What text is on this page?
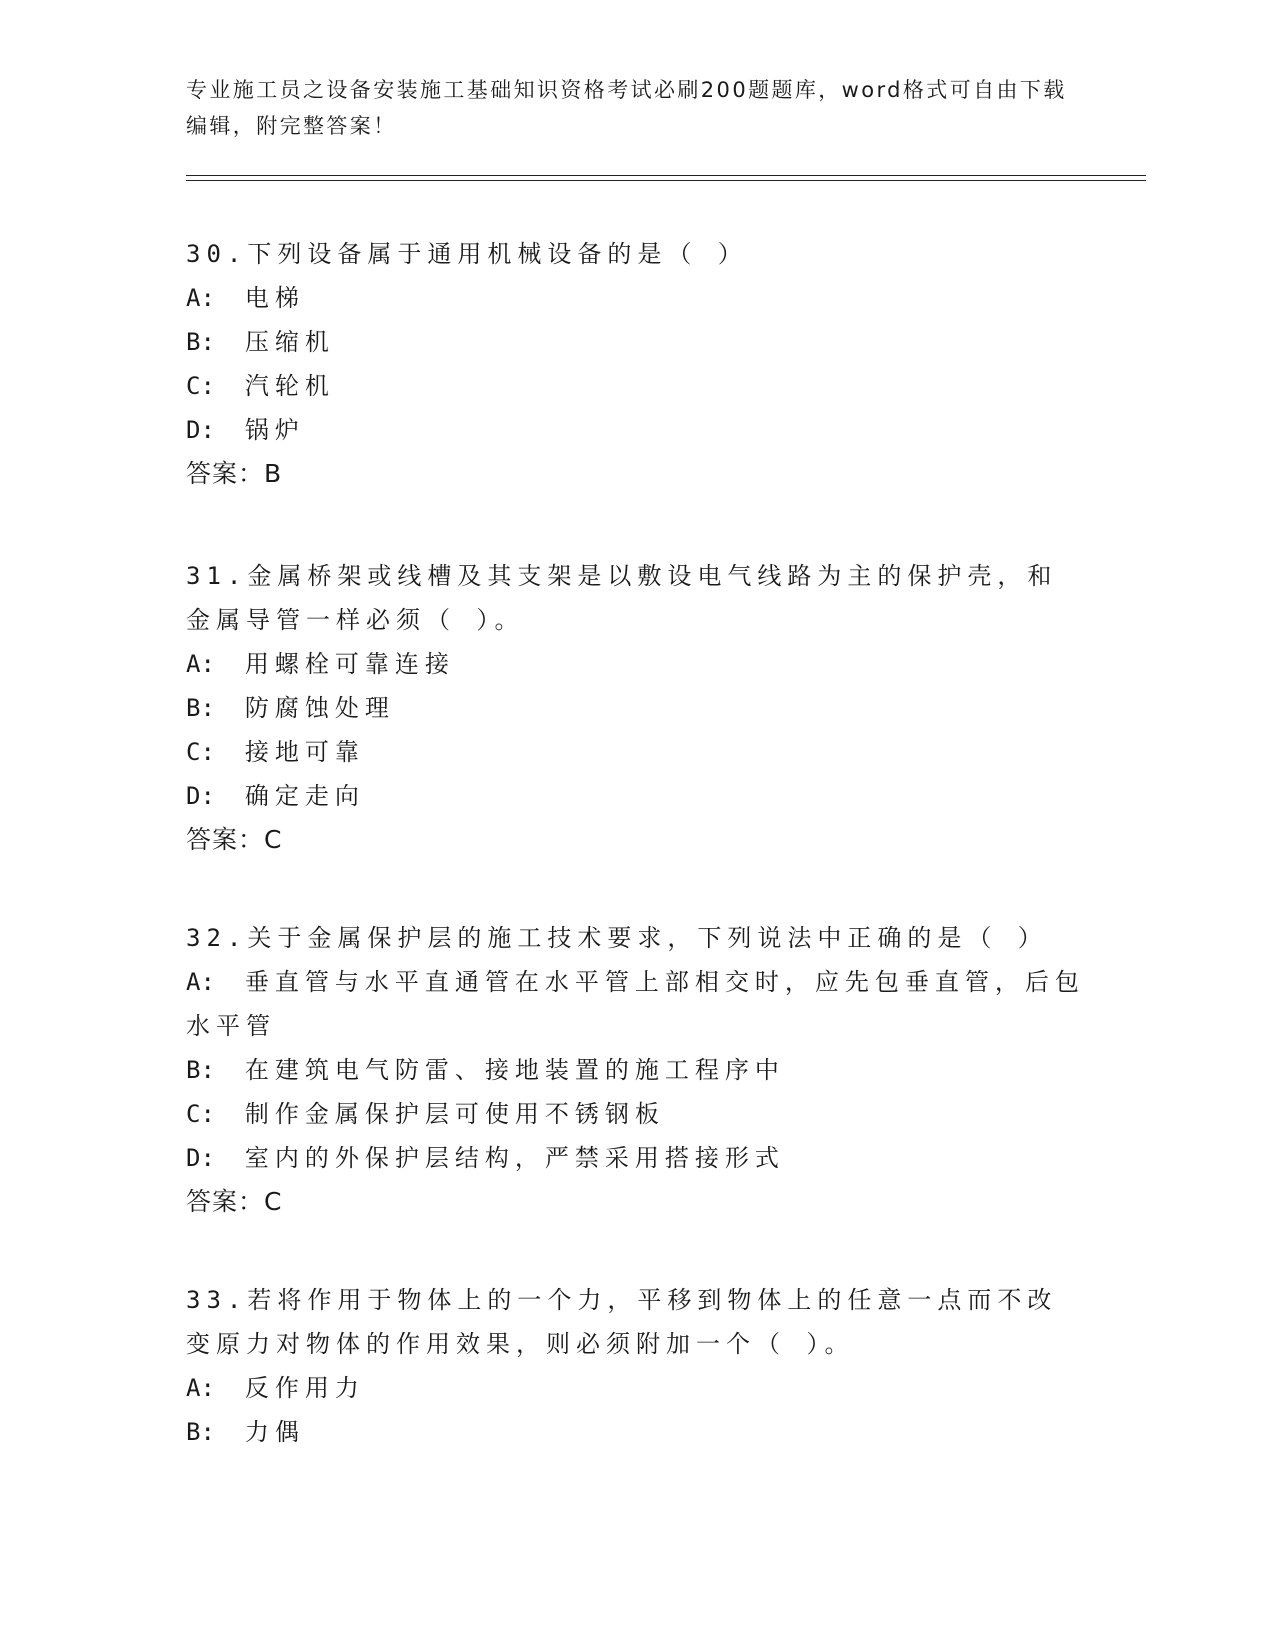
专业施工员之设备安装施工基础知识资格考试必刷200题题库，word格式可自由下载编辑，附完整答案！

30.下列设备属于通用机械设备的是（ ）

A: 电梯

B: 压缩机

C: 汽轮机

D: 锅炉

答案：B

31.金属桥架或线槽及其支架是以敷设电气线路为主的保护壳，和金属导管一样必须（ ）。

A: 用螺栓可靠连接

B: 防腐蚀处理

C: 接地可靠

D: 确定走向

答案：C

32.关于金属保护层的施工技术要求，下列说法中正确的是（ ）

A: 垂直管与水平直通管在水平管上部相交时，应先包垂直管，后包水平管

B: 在建筑电气防雷、接地装置的施工程序中

C: 制作金属保护层可使用不锈钢板

D: 室内的外保护层结构，严禁采用搭接形式

答案：C

33.若将作用于物体上的一个力，平移到物体上的任意一点而不改变原力对物体的作用效果，则必须附加一个（ ）。

A: 反作用力

B: 力偶
